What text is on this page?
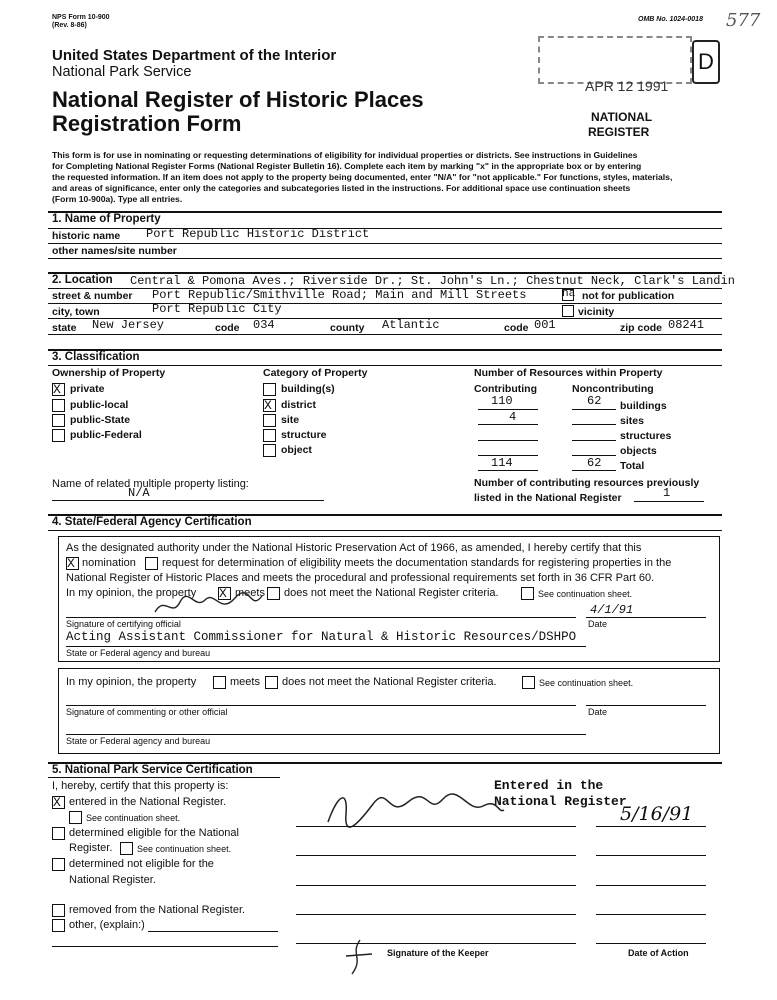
NPS Form 10-900
(Rev. 8-86)
OMB No. 1024-0018 577
United States Department of the Interior
National Park Service
National Register of Historic Places
Registration Form
D
APR 12 1991
NATIONAL
REGISTER
This form is for use in nominating or requesting determinations of eligibility for individual properties or districts. See instructions in Guidelines
for Completing National Register Forms (National Register Bulletin 16). Complete each item by marking "x" in the appropriate box or by entering
the requested information. If an item does not apply to the property being documented, enter "N/A" for "not applicable." For functions, styles, materials,
and areas of significance, enter only the categories and subcategories listed in the instructions. For additional space use continuation sheets
(Form 10-900a). Type all entries.
1. Name of Property
historic name Port Republic Historic District
other names/site number
2. Location Central & Pomona Aves.; Riverside Dr.; St. John's Ln.; Chestnut Neck, Clark's Landin
street & number Port Republic/Smithville Road; Main and Mill Streets	na not for publication
city, town	Port Republic City	vicinity
state New Jersey	code 034	county Atlantic	code 001	zip code 08241
3. Classification
Ownership of Property
X private
public-local
public-State
public-Federal
Category of Property
building(s)
X district
site
structure
object
Number of Resources within Property
Contributing	Noncontributing
110	62 buildings
4	sites
structures
objects
114	62 Total
Name of related multiple property listing:
N/A
Number of contributing resources previously
listed in the National Register	1
4. State/Federal Agency Certification
As the designated authority under the National Historic Preservation Act of 1966, as amended, I hereby certify that this
X nomination request for determination of eligibility meets the documentation standards for registering properties in the
National Register of Historic Places and meets the procedural and professional requirements set forth in 36 CFR Part 60.
In my opinion, the property X meets does not meet the National Register criteria.	See continuation sheet.
4/1/91
Signature of certifying official	Date
Acting Assistant Commissioner for Natural & Historic Resources/DSHPO
State or Federal agency and bureau
In my opinion, the property	meets does not meet the National Register criteria.	See continuation sheet.
Signature of commenting or other official	Date
State or Federal agency and bureau
5. National Park Service Certification
I, hereby, certify that this property is:
X entered in the National Register.
See continuation sheet.
determined eligible for the National
Register.	See continuation sheet.
determined not eligible for the
National Register.
removed from the National Register.
other, (explain:)
Entered in the
National Register
5/16/91
Signature of the Keeper	Date of Action
